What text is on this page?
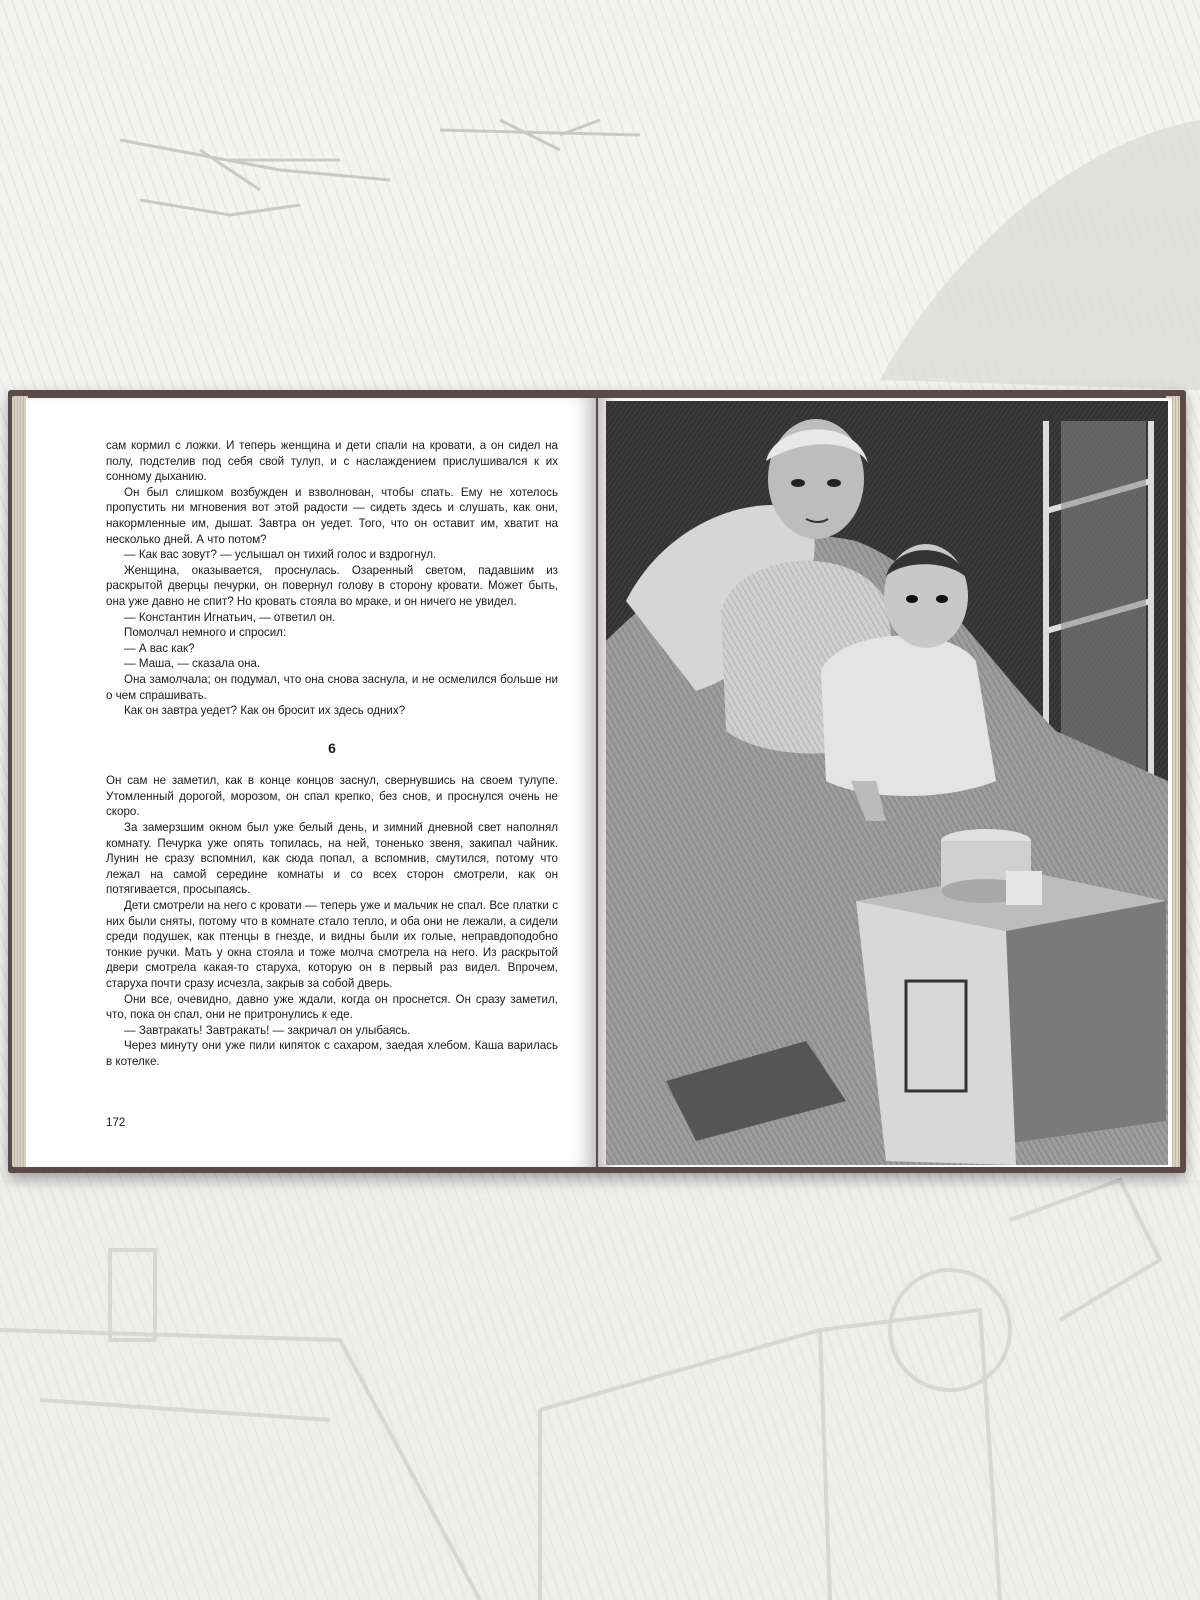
сам кормил с ложки. И теперь женщина и дети спали на кровати, а он сидел на полу, подстелив под себя свой тулуп, и с наслаждением прислушивался к их сонному дыханию.

Он был слишком возбужден и взволнован, чтобы спать. Ему не хотелось пропустить ни мгновения вот этой радости — сидеть здесь и слушать, как они, накормленные им, дышат. Завтра он уедет. Того, что он оставит им, хватит на несколько дней. А что потом?

— Как вас зовут? — услышал он тихий голос и вздрогнул.

Женщина, оказывается, проснулась. Озаренный светом, падавшим из раскрытой дверцы печурки, он повернул голову в сторону кровати. Может быть, она уже давно не спит? Но кровать стояла во мраке, и он ничего не увидел.

— Константин Игнатьич, — ответил он.

Помолчал немного и спросил:

— А вас как?

— Маша, — сказала она.

Она замолчала; он подумал, что она снова заснула, и не осмелился больше ни о чем спрашивать.

Как он завтра уедет? Как он бросит их здесь одних?

6

Он сам не заметил, как в конце концов заснул, свернувшись на своем тулупе. Утомленный дорогой, морозом, он спал крепко, без снов, и проснулся очень не скоро.

За замерзшим окном был уже белый день, и зимний дневной свет наполнял комнату. Печурка уже опять топилась, на ней, тоненько звеня, закипал чайник. Лунин не сразу вспомнил, как сюда попал, а вспомнив, смутился, потому что лежал на самой середине комнаты и со всех сторон смотрели, как он потягивается, просыпаясь.

Дети смотрели на него с кровати — теперь уже и мальчик не спал. Все платки с них были сняты, потому что в комнате стало тепло, и оба они не лежали, а сидели среди подушек, как птенцы в гнезде, и видны были их голые, неправдоподобно тонкие ручки. Мать у окна стояла и тоже молча смотрела на него. Из раскрытой двери смотрела какая-то старуха, которую он в первый раз видел. Впрочем, старуха почти сразу исчезла, закрыв за собой дверь.

Они все, очевидно, давно уже ждали, когда он проснется. Он сразу заметил, что, пока он спал, они не притронулись к еде.

— Завтракать! Завтракать! — закричал он улыбаясь.

Через минуту они уже пили кипяток с сахаром, заедая хлебом. Каша варилась в котелке.

172
